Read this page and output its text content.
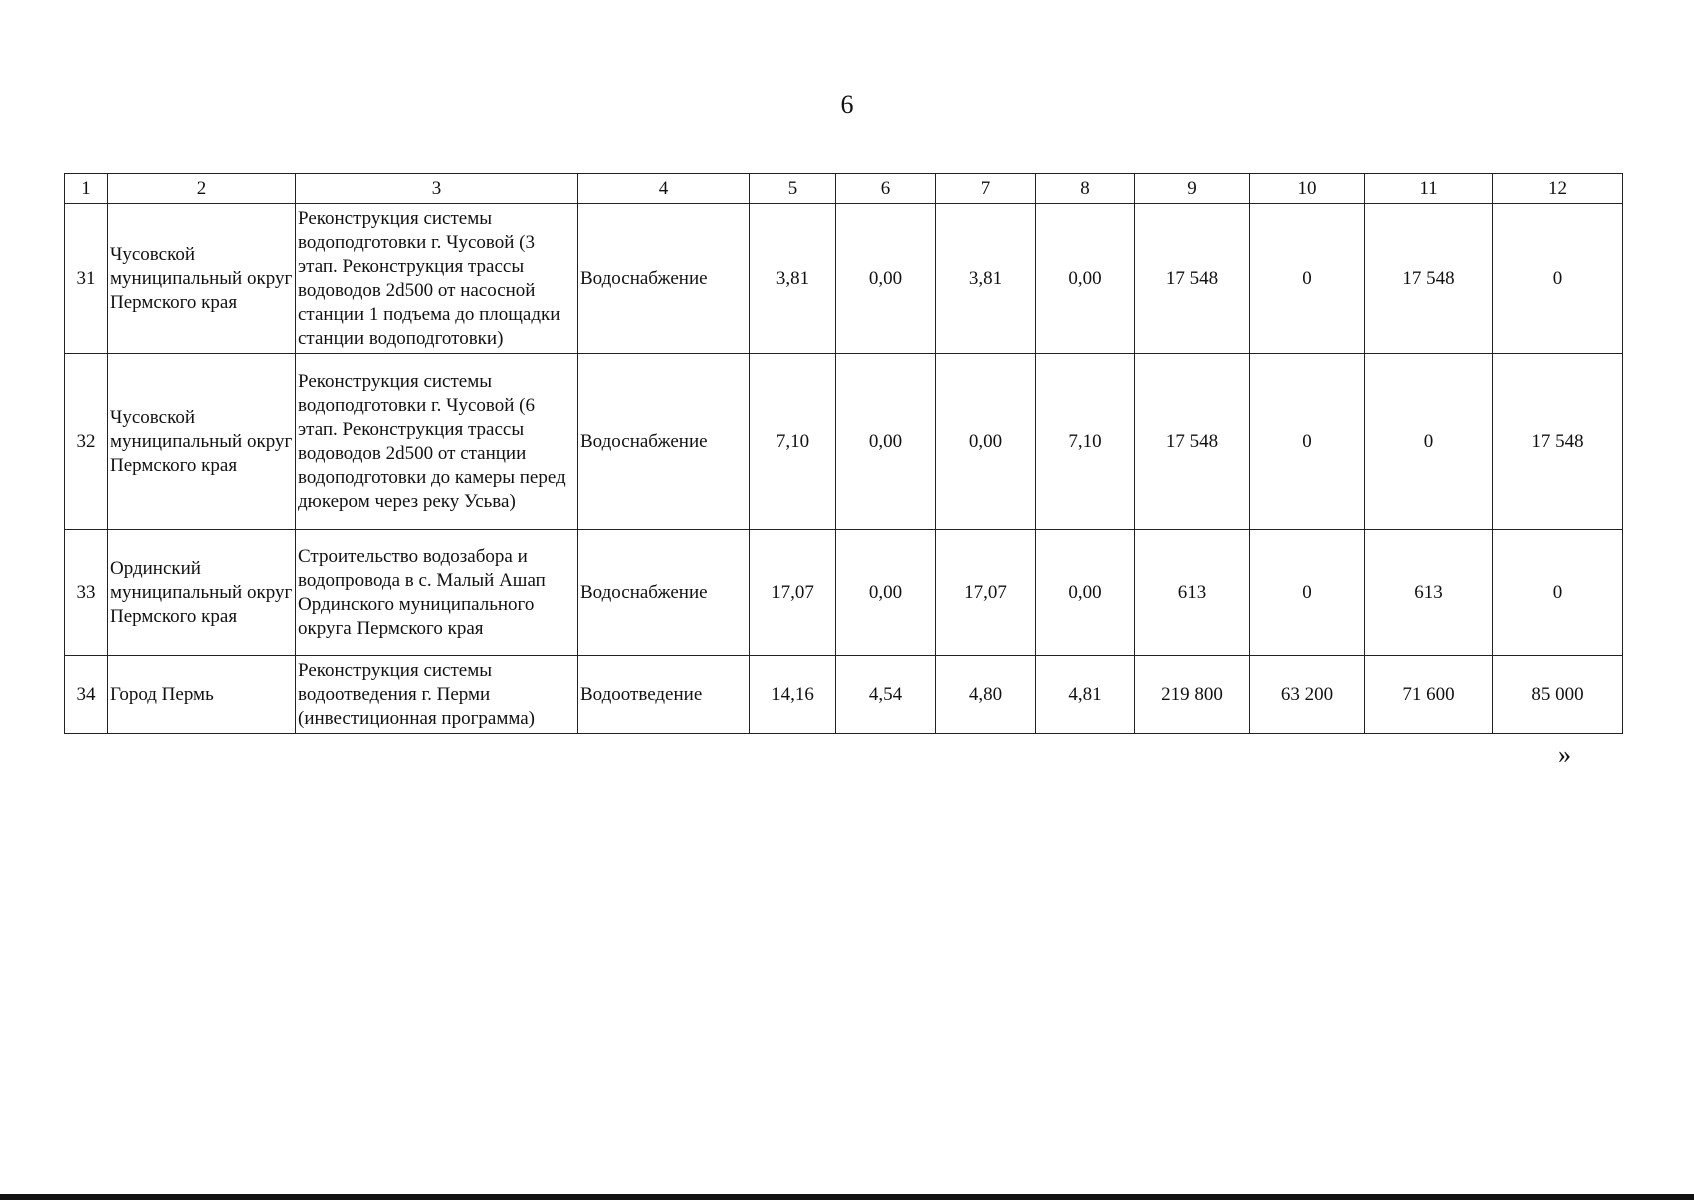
6
1	2	3	4	5	6	7	8	9	10	11	12
31	Чусовской муниципальный округ Пермского края	Реконструкция системы водоподготовки г. Чусовой (3 этап. Реконструкция трассы водоводов 2d500 от насосной станции 1 подъема до площадки станции водоподготовки)	Водоснабжение	3,81	0,00	3,81	0,00	17 548	0	17 548	0
32	Чусовской муниципальный округ Пермского края	Реконструкция системы водоподготовки г. Чусовой (6 этап. Реконструкция трассы водоводов 2d500 от станции водоподготовки до камеры перед дюкером через реку Усьва)	Водоснабжение	7,10	0,00	0,00	7,10	17 548	0	0	17 548
33	Ординский муниципальный округ Пермского края	Строительство водозабора и водопровода в с. Малый Ашап Ординского муниципального округа Пермского края	Водоснабжение	17,07	0,00	17,07	0,00	613	0	613	0
34	Город Пермь	Реконструкция системы водоотведения г. Перми (инвестиционная программа)	Водоотведение	14,16	4,54	4,80	4,81	219 800	63 200	71 600	85 000
»
